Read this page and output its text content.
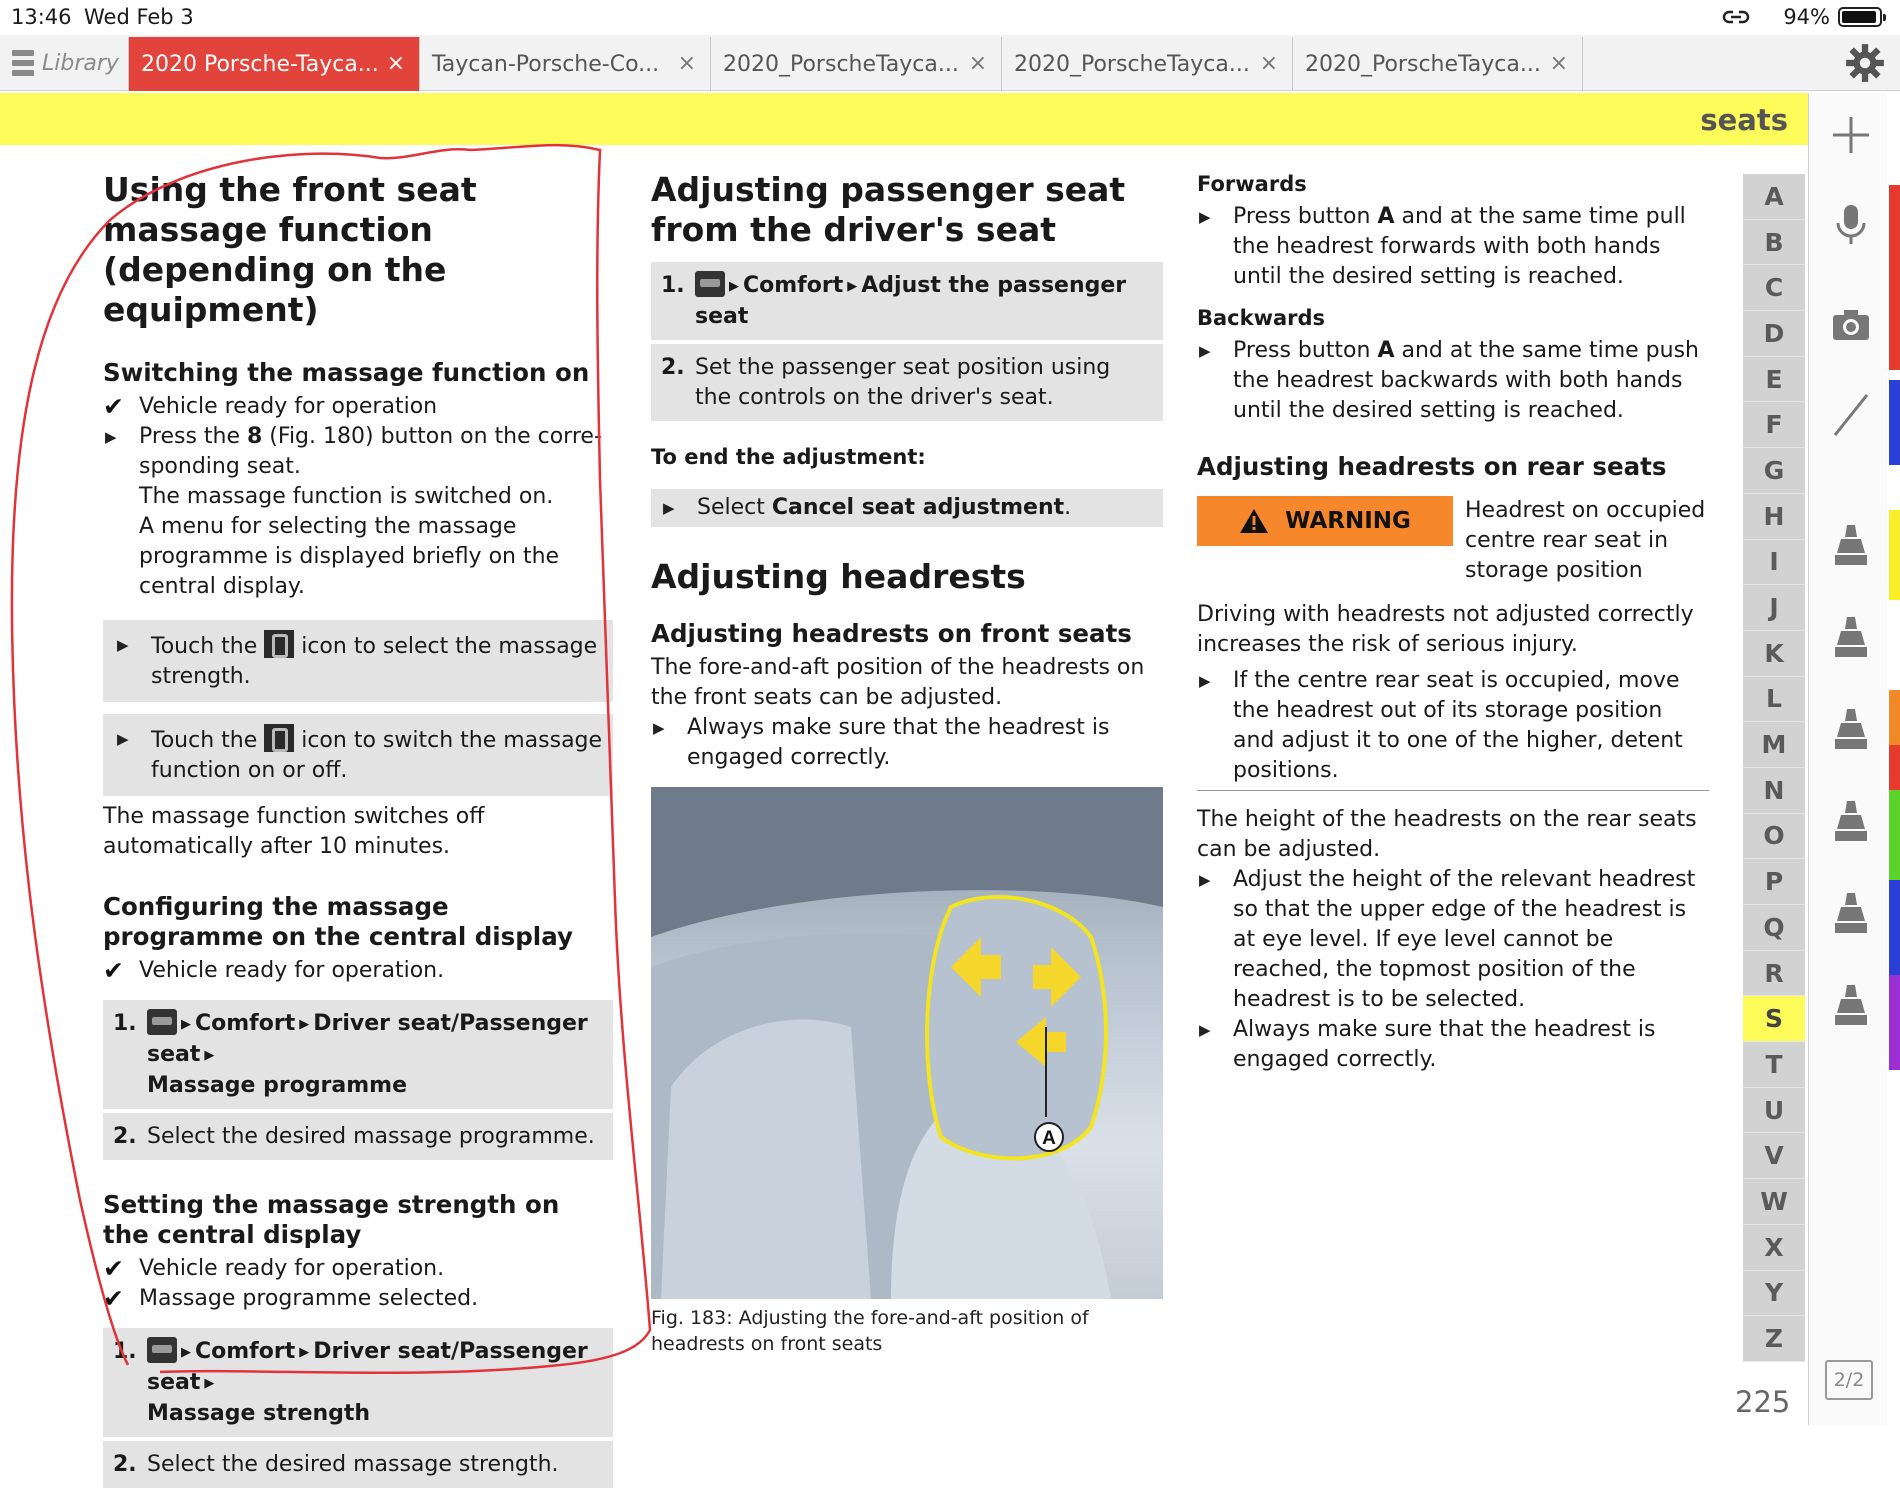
13:46 Wed Feb 3	94%
Library 2020 Porsche-Tayca... × Taycan-Porsche-Co... × 2020_PorscheTayca... × 2020_PorscheTayca... × 2020_PorscheTayca... ×
seats
A
B
C
D
E
F
G
H
I
J
K
L
M
N
O
P
Q
R
S
T
U
V
W
X
Y
Z
225
2/2
Using the front seat massage function (depending on the equipment)
Switching the massage function on
✔ Vehicle ready for operation
▶ Press the 8 (Fig. 180) button on the corresponding seat.

The massage function is switched on.

A menu for selecting the massage programme is displayed briefly on the central display.

▶ Touch the  icon to select the massage strength.
▶ Touch the  icon to switch the massage function on or off.

The massage function switches off automatically after 10 minutes.

Configuring the massage programme on the central display
✔ Vehicle ready for operation.
1.	▶ Comfort ▶ Driver seat/Passenger seat ▶
Massage programme
2. Select the desired massage programme.
Setting the massage strength on the central display
✔ Vehicle ready for operation.
✔ Massage programme selected.
1.	▶ Comfort ▶ Driver seat/Passenger seat ▶
Massage strength
2. Select the desired massage strength.
Adjusting passenger seat from the driver's seat
1.	▶ Comfort ▶ Adjust the passenger seat
2. Set the passenger seat position using the controls on the driver's seat.
To end the adjustment:
▶ Select Cancel seat adjustment.
Adjusting headrests
Adjusting headrests on front seats

The fore-and-aft position of the headrests on the front seats can be adjusted.

▶ Always make sure that the headrest is engaged correctly.
A
Fig. 183: Adjusting the fore-and-aft position of headrests on front seats
Forwards
▶ Press button A and at the same time pull the headrest forwards with both hands until the desired setting is reached.
Backwards
▶ Press button A and at the same time push the headrest backwards with both hands until the desired setting is reached.
Adjusting headrests on rear seats
WARNING Headrest on occupied centre rear seat in storage position

Driving with headrests not adjusted correctly increases the risk of serious injury.

▶ If the centre rear seat is occupied, move the headrest out of its storage position and adjust it to one of the higher, detent positions.

The height of the headrests on the rear seats can be adjusted.

▶ Adjust the height of the relevant headrest so that the upper edge of the headrest is at eye level. If eye level cannot be reached, the topmost position of the headrest is to be selected.
▶ Always make sure that the headrest is engaged correctly.
